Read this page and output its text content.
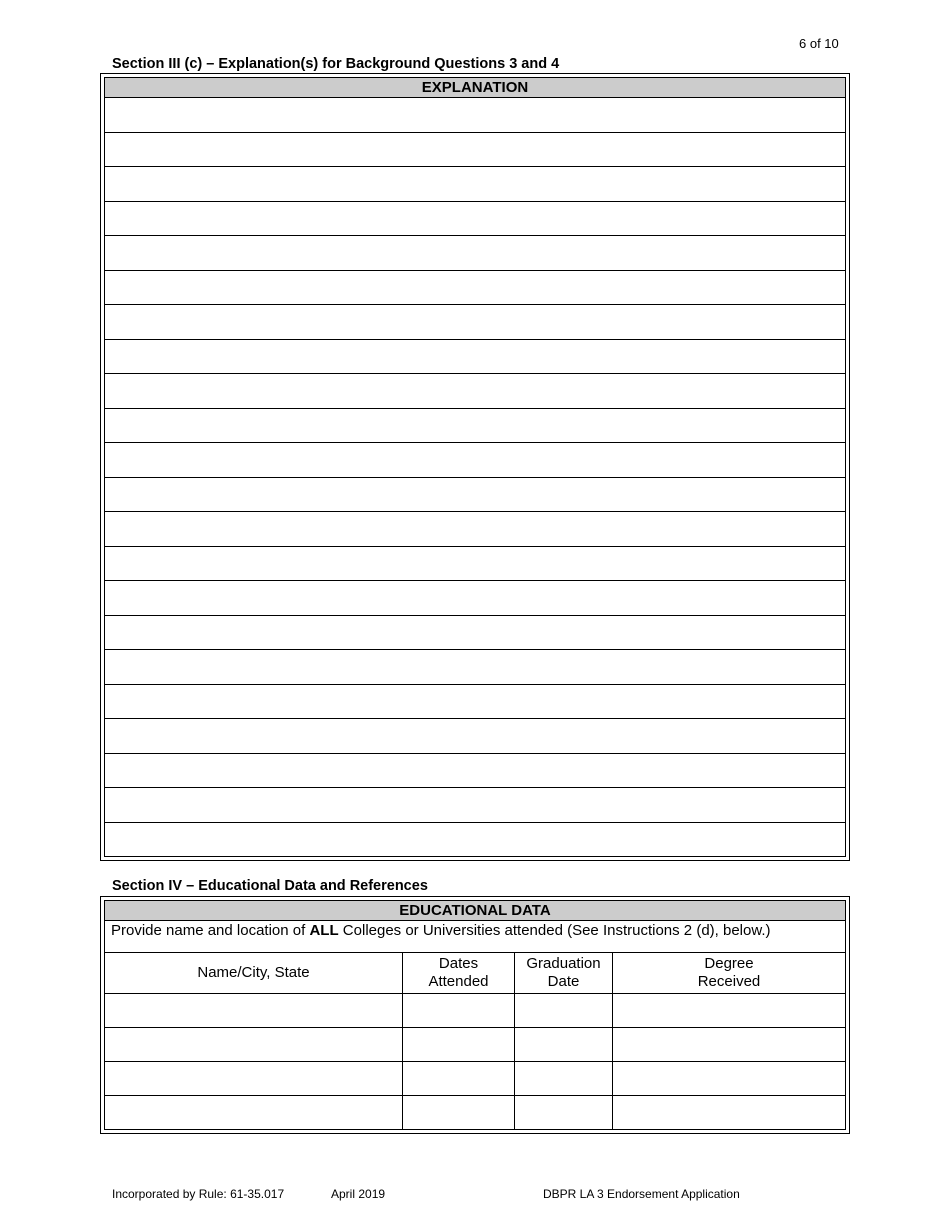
6 of 10
Section III (c) – Explanation(s) for Background Questions 3 and 4
EXPLANATION
Section IV – Educational Data and References
EDUCATIONAL DATA
Provide name and location of ALL Colleges or Universities attended (See Instructions 2 (d), below.)
Name/City, State
Dates
Attended
Graduation
Date
Degree
Received
Incorporated by Rule: 61-35.017	April 2019	DBPR LA 3 Endorsement Application
